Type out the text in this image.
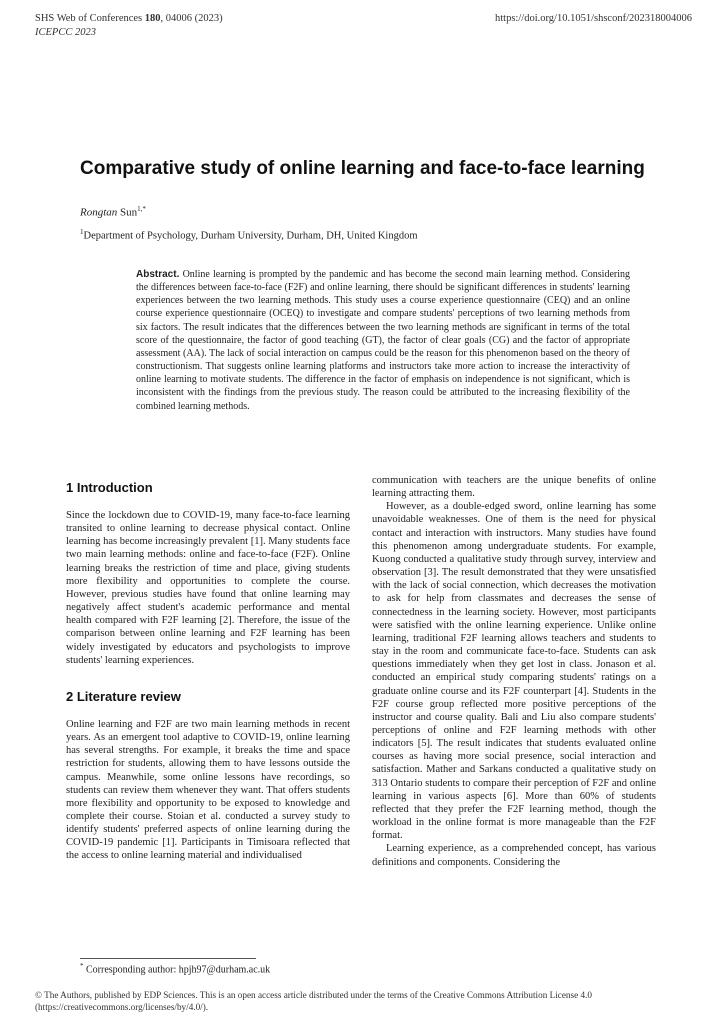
SHS Web of Conferences 180, 04006 (2023)
ICEPCC 2023
https://doi.org/10.1051/shsconf/202318004006
Comparative study of online learning and face-to-face learning
Rongtan Sun$^{1,*}$
$^1$Department of Psychology, Durham University, Durham, DH, United Kingdom

Abstract. Online learning is prompted by the pandemic and has become the second main learning method. Considering the differences between face-to-face (F2F) and online learning, there should be significant differences in students' learning experiences between the two learning methods. This study uses a course experience questionnaire (CEQ) and an online course experience questionnaire (OCEQ) to investigate and compare students' perceptions of two learning methods from six factors. The result indicates that the differences between the two learning methods are significant in terms of the total score of the questionnaire, the factor of good teaching (GT), the factor of clear goals (CG) and the factor of appropriate assessment (AA). The lack of social interaction on campus could be the reason for this phenomenon based on the theory of constructionism. That suggests online learning platforms and instructors take more action to increase the interactivity of online learning to motivate students. The difference in the factor of emphasis on independence is not significant, which is inconsistent with the findings from the previous study. The reason could be attributed to the increasing flexibility of the combined learning methods.

1 Introduction

Since the lockdown due to COVID-19, many face-to-face learning transited to online learning to decrease physical contact. Online learning has become increasingly prevalent [1]. Many students face two main learning methods: online and face-to-face (F2F). Online learning breaks the restriction of time and place, giving students more flexibility and opportunities to complete the course. However, previous studies have found that online learning may negatively affect student's academic performance and mental health compared with F2F learning [2]. Therefore, the issue of the comparison between online learning and F2F learning has been widely investigated by educators and psychologists to improve students' learning experiences.

2 Literature review

Online learning and F2F are two main learning methods in recent years. As an emergent tool adaptive to COVID-19, online learning has several strengths. For example, it breaks the time and space restriction for students, allowing them to have lessons outside the campus. Meanwhile, some online lessons have recordings, so students can review them whenever they want. That offers students more flexibility and opportunity to be exposed to knowledge and complete their course. Stoian et al. conducted a survey study to identify students' preferred aspects of online learning during the COVID-19 pandemic [1]. Participants in Timisoara reflected that the access to online learning material and individualised

communication with teachers are the unique benefits of online learning attracting them.

However, as a double-edged sword, online learning has some unavoidable weaknesses. One of them is the need for physical contact and interaction with instructors. Many studies have found this phenomenon among undergraduate students. For example, Kuong conducted a qualitative study through survey, interview and observation [3]. The result demonstrated that they were unsatisfied with the lack of social connection, which decreases the motivation to ask for help from classmates and decreases the sense of connectedness in the learning society. However, most participants were satisfied with the online learning experience. Unlike online learning, traditional F2F learning allows teachers and students to stay in the room and communicate face-to-face. Students can ask questions immediately when they get lost in class. Jonason et al. conducted an empirical study comparing students' ratings on a graduate online course and its F2F counterpart [4]. Students in the F2F course group reflected more positive perceptions of the instructor and course quality. Bali and Liu also compare students' perceptions of online and F2F learning methods with other indicators [5]. The result indicates that students evaluated online courses as having more social presence, social interaction and satisfaction. Mather and Sarkans conducted a qualitative study on 313 Ontario students to compare their perception of F2F and online learning in various aspects [6]. More than 60% of students reflected that they prefer the F2F learning method, though the workload in the online format is more manageable than the F2F format.

Learning experience, as a comprehended concept, has various definitions and components. Considering the

* Corresponding author: hpjh97@durham.ac.uk
© The Authors, published by EDP Sciences. This is an open access article distributed under the terms of the Creative Commons Attribution License 4.0
(https://creativecommons.org/licenses/by/4.0/).
